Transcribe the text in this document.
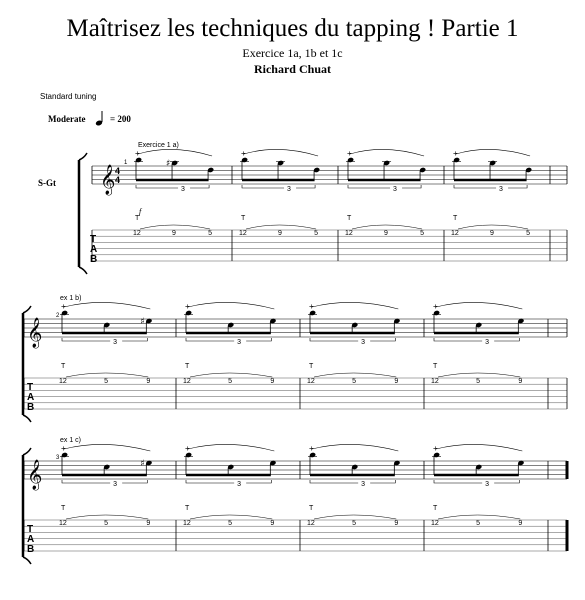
Maîtrisez les techniques du tapping ! Partie 1
Exercice 1a, 1b et 1c
Richard Chuat
Standard tuning
Moderate	= 200
S-Gt 𝄞 4
4
T
A
B
1
Exercice 1 a)
f
♯
+
3
12	9	5
T
+
3
12	9	5
T
+
3
12	9	5
T
+
3
12	9	5
T
𝄞
T
A
B
2
ex 1 b)
♯
+
3
12	5	9
T
+
3
12	5	9
T
+
3
12	5	9
T
+
3
12	5	9
T
𝄞
T
A
B
3
ex 1 c)
♯
+
3
12	5	9
T
+
3
12	5	9
T
+
3
12	5	9
T
+
3
12	5	9
T
